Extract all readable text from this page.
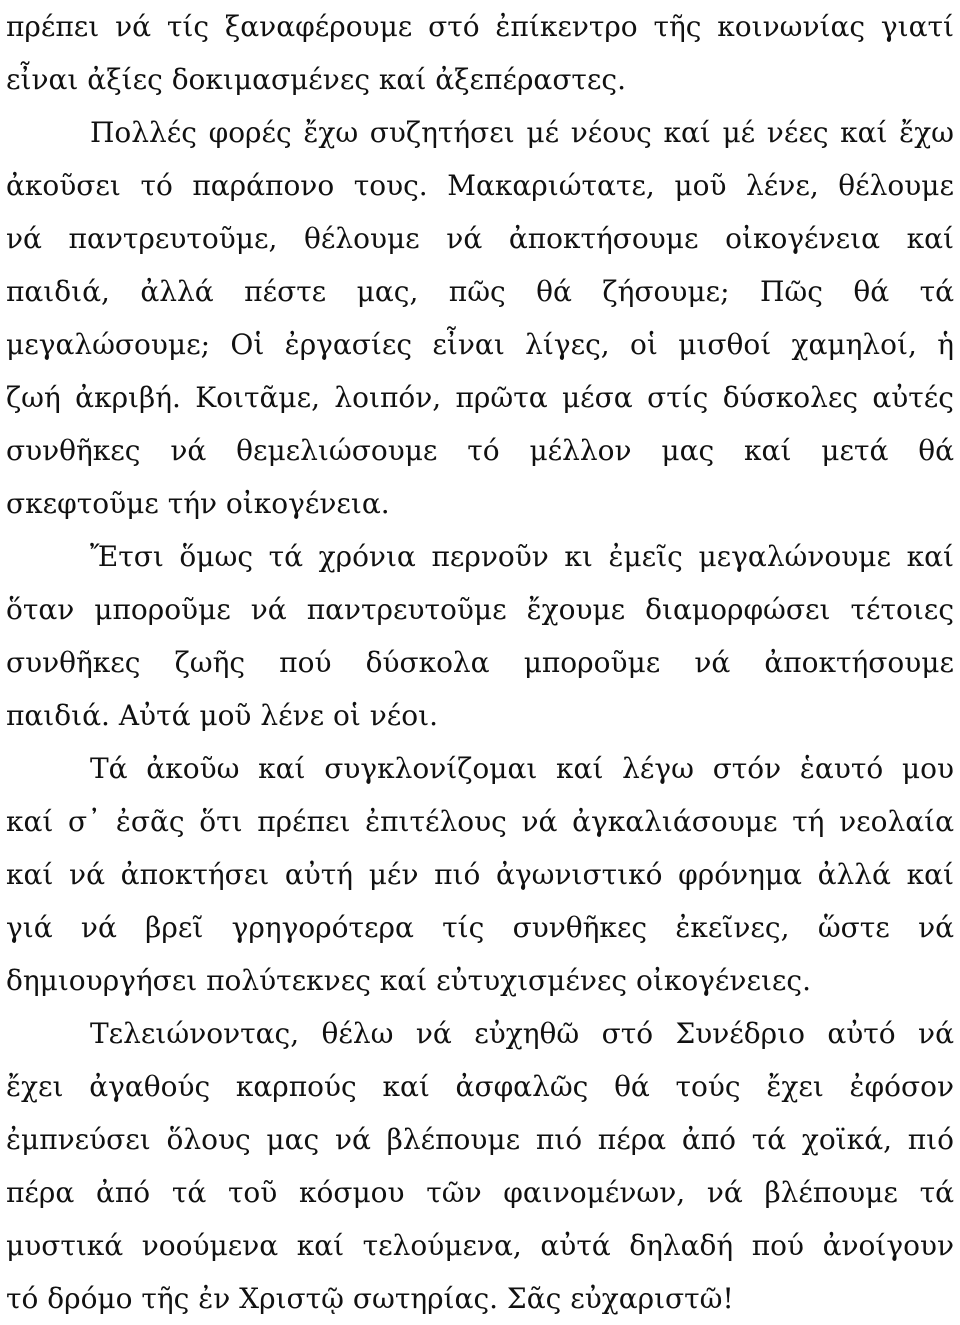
πρέπει νά τίς ξαναφέρουμε στό ἐπίκεντρο τῆς κοινωνίας γιατί
εἶναι ἀξίες δοκιμασμένες καί ἀξεπέραστες.
Πολλές φορές ἔχω συζητήσει μέ νέους καί μέ νέες καί ἔχω
ἀκοῦσει τό παράπονο τους. Μακαριώτατε, μοῦ λένε, θέλουμε
νά παντρευτοῦμε, θέλουμε νά ἀποκτήσουμε οἰκογένεια καί
παιδιά, ἀλλά πέστε μας, πῶς θά ζήσουμε; Πῶς θά τά
μεγαλώσουμε; Οἱ ἐργασίες εἶναι λίγες, οἱ μισθοί χαμηλοί, ἡ
ζωή ἀκριβή. Κοιτᾶμε, λοιπόν, πρῶτα μέσα στίς δύσκολες αὐτές
συνθῆκες νά θεμελιώσουμε τό μέλλον μας καί μετά θά
σκεφτοῦμε τήν οἰκογένεια.
Ἔτσι ὅμως τά χρόνια περνοῦν κι ἐμεῖς μεγαλώνουμε καί
ὅταν μποροῦμε νά παντρευτοῦμε ἔχουμε διαμορφώσει τέτοιες
συνθῆκες ζωῆς πού δύσκολα μποροῦμε νά ἀποκτήσουμε
παιδιά. Αὐτά μοῦ λένε οἱ νέοι.
Τά ἀκοῦω καί συγκλονίζομαι καί λέγω στόν ἑαυτό μου
καί σ᾽ ἐσᾶς ὅτι πρέπει ἐπιτέλους νά ἀγκαλιάσουμε τή νεολαία
καί νά ἀποκτήσει αὐτή μέν πιό ἀγωνιστικό φρόνημα ἀλλά καί
γιά νά βρεῖ γρηγορότερα τίς συνθῆκες ἐκεῖνες, ὥστε νά
δημιουργήσει πολύτεκνες καί εὐτυχισμένες οἰκογένειες.
Τελειώνοντας, θέλω νά εὐχηθῶ στό Συνέδριο αὐτό νά
ἔχει ἀγαθούς καρπούς καί ἀσφαλῶς θά τούς ἔχει ἐφόσον
ἐμπνεύσει ὅλους μας νά βλέπουμε πιό πέρα ἀπό τά χοϊκά, πιό
πέρα ἀπό τά τοῦ κόσμου τῶν φαινομένων, νά βλέπουμε τά
μυστικά νοούμενα καί τελούμενα, αὐτά δηλαδή πού ἀνοίγουν
τό δρόμο τῆς ἐν Χριστῷ σωτηρίας. Σᾶς εὐχαριστῶ!
